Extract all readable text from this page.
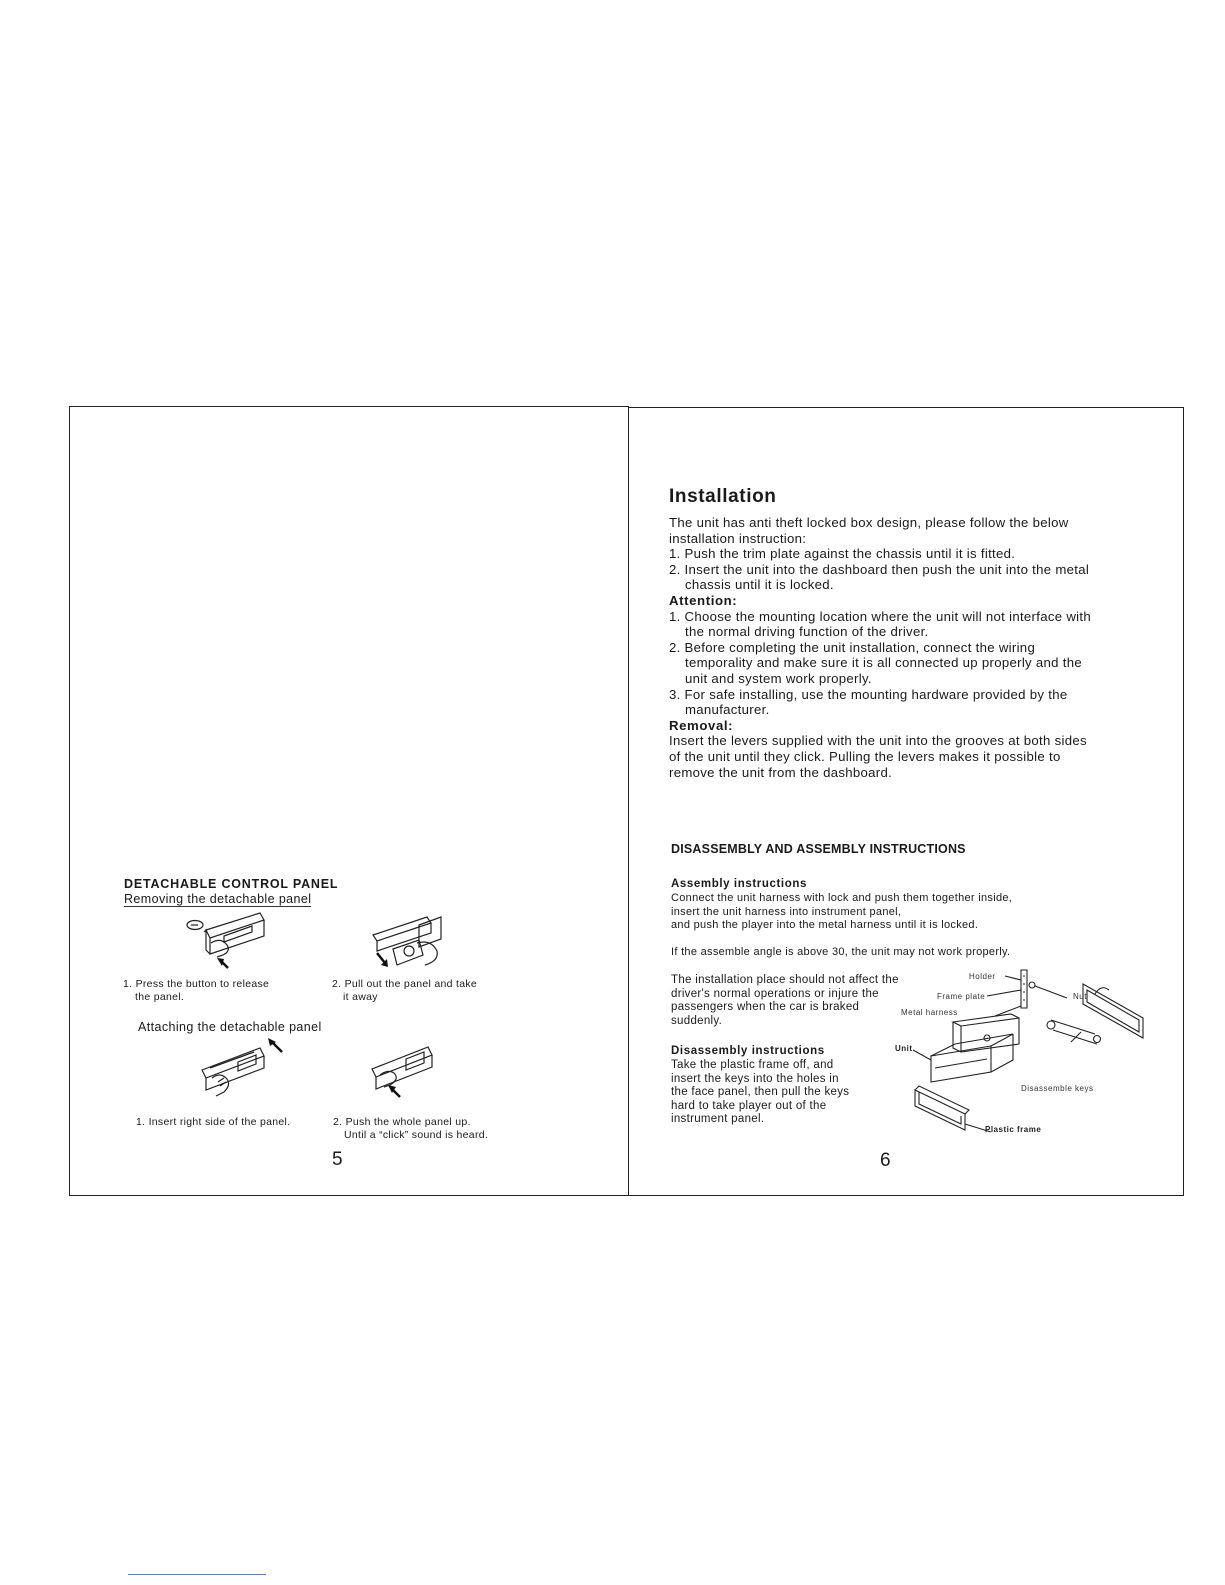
DETACHABLE CONTROL PANEL
Removing the detachable panel
1. Press the button to release
the panel.
2. Pull out the panel and take
it away
Attaching the detachable panel
1. Insert right side of the panel.	2. Push the whole panel up.
Until a “click” sound is heard.
5
Installation

The unit has anti theft locked box design, please follow the below

installation instruction:

1. Push the trim plate against the chassis until it is fitted.

2. Insert the unit into the dashboard then push the unit into the metal

chassis until it is locked.

Attention:

1. Choose the mounting location where the unit will not interface with

the normal driving function of the driver.

2. Before completing the unit installation, connect the wiring

temporality and make sure it is all connected up properly and the

unit and system work properly.

3. For safe installing, use the mounting hardware provided by the

manufacturer.

Removal:

Insert the levers supplied with the unit into the grooves at both sides

of the unit until they click. Pulling the levers makes it possible to

remove the unit from the dashboard.

DISASSEMBLY AND ASSEMBLY INSTRUCTIONS
Assembly instructions
Connect the unit harness with lock and push them together inside,
insert the unit harness into instrument panel,
and push the player into the metal harness until it is locked.
If the assemble angle is above 30, the unit may not work properly.
The installation place should not affect the
driver's normal operations or injure the
passengers when the car is braked
suddenly.
Disassembly instructions
Take the plastic frame off, and
insert the keys into the holes in
the face panel, then pull the keys
hard to take player out of the
instrument panel.
Holder
Frame plate	Nut
Metal harness
Unit
Disassemble keys
Plastic frame
6
